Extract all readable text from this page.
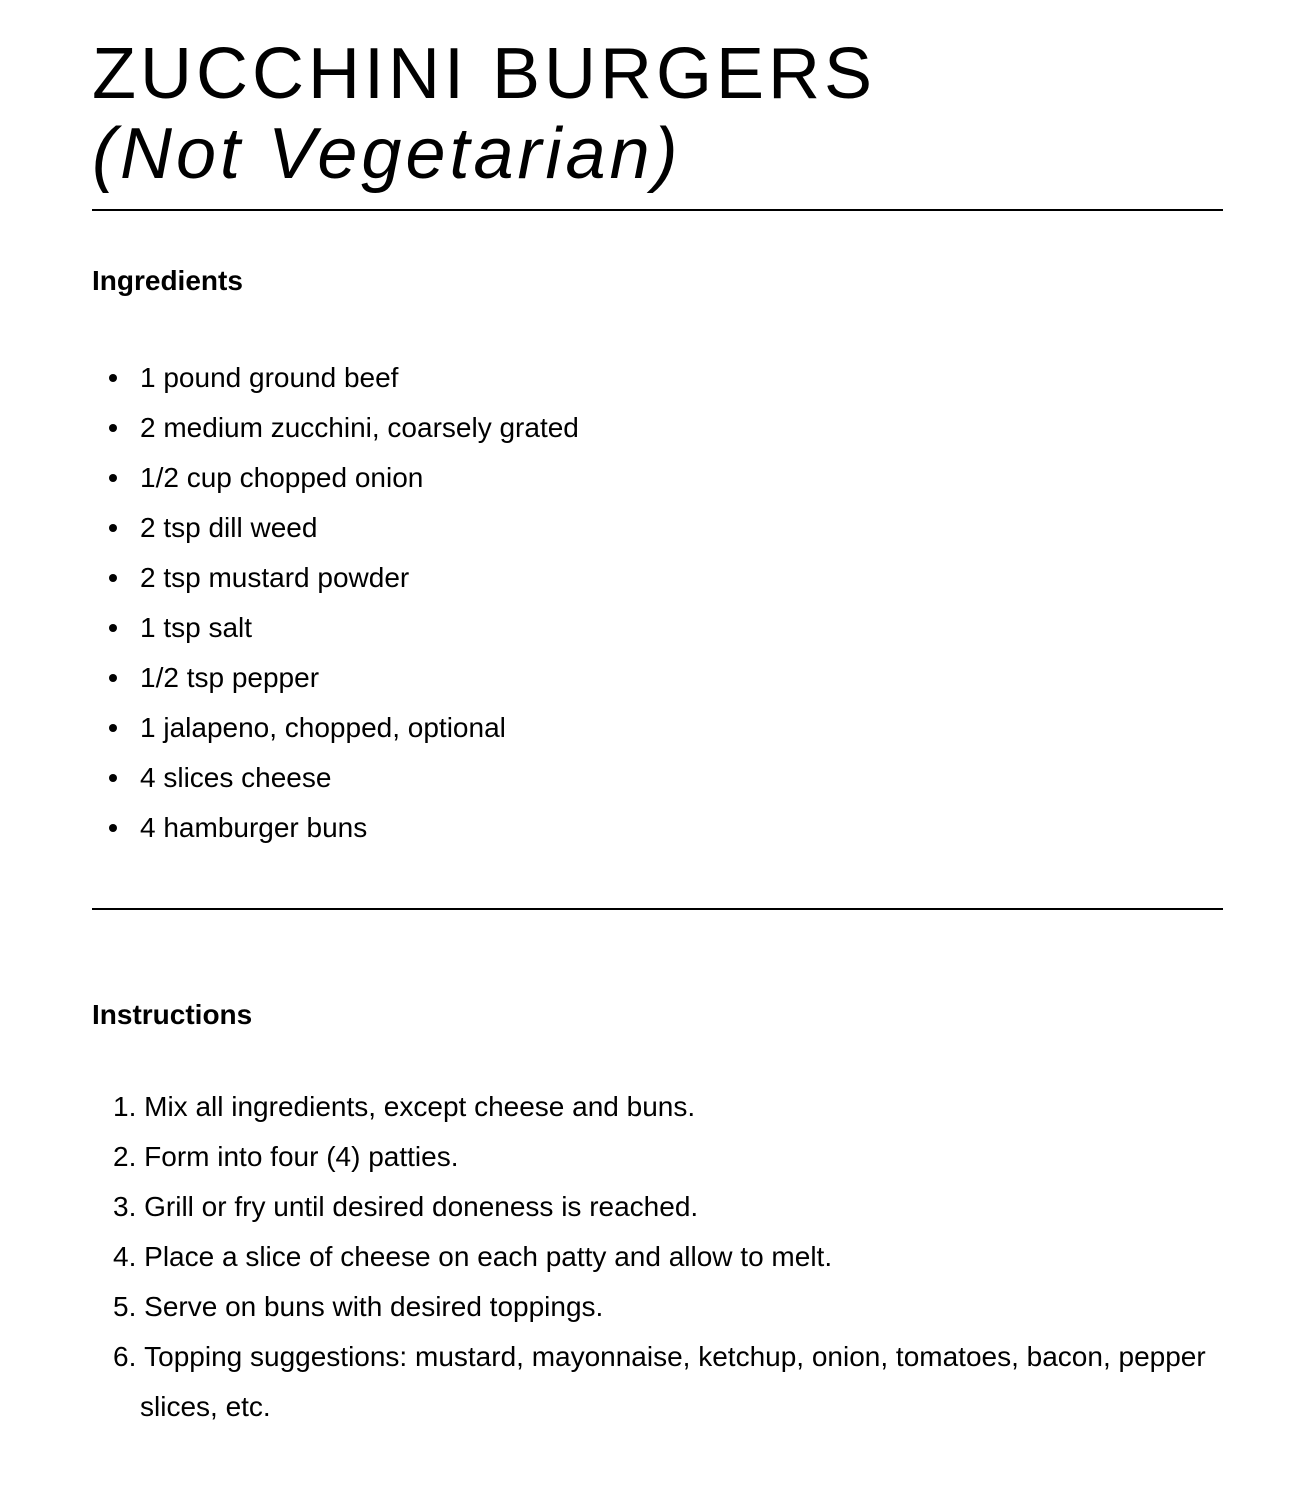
ZUCCHINI BURGERS
(Not Vegetarian)
Ingredients
1 pound ground beef
2 medium zucchini, coarsely grated
1/2 cup chopped onion
2 tsp dill weed
2 tsp mustard powder
1 tsp salt
1/2 tsp pepper
1 jalapeno, chopped, optional
4 slices cheese
4 hamburger buns
Instructions
1. Mix all ingredients, except cheese and buns.
2. Form into four (4) patties.
3. Grill or fry until desired doneness is reached.
4. Place a slice of cheese on each patty and allow to melt.
5. Serve on buns with desired toppings.
6. Topping suggestions: mustard, mayonnaise, ketchup, onion, tomatoes, bacon, pepper slices, etc.
